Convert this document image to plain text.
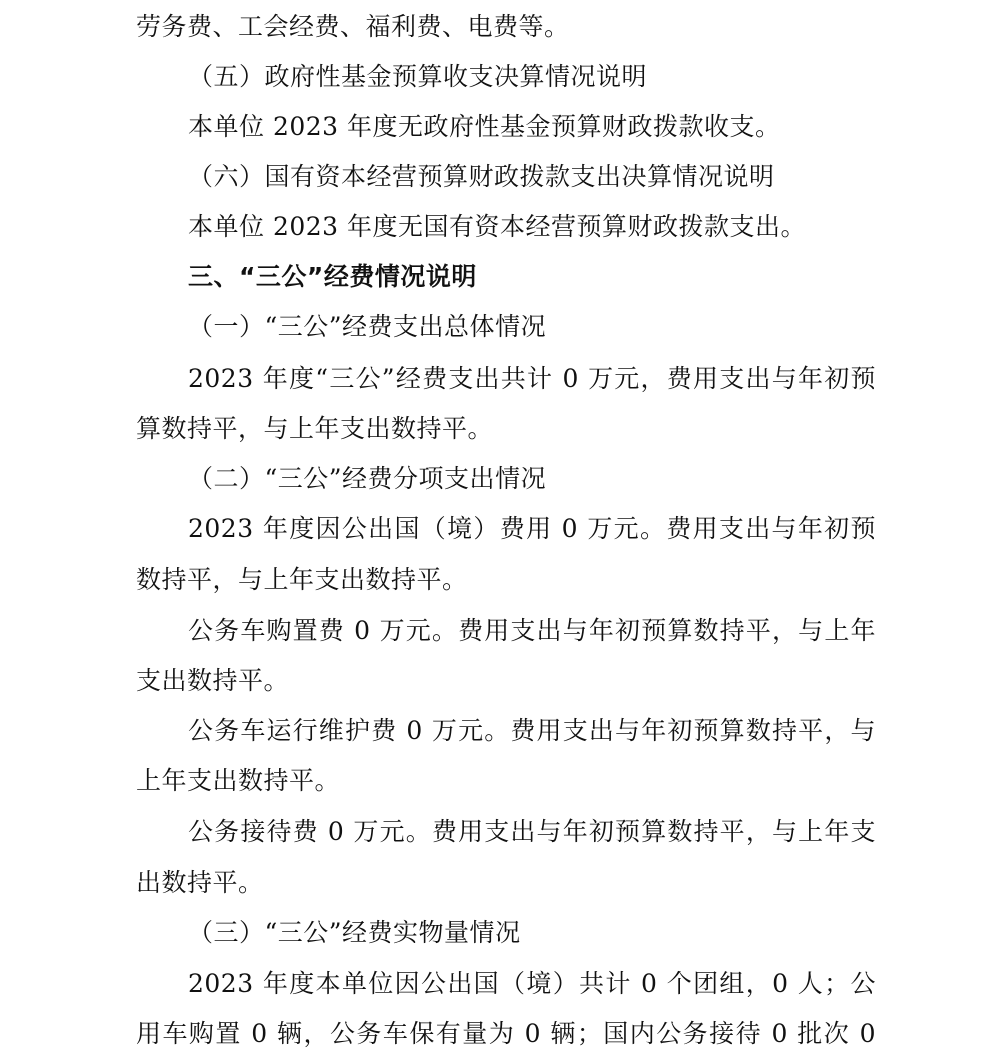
劳务费、工会经费、福利费、电费等。
（五）政府性基金预算收支决算情况说明
本单位 2023 年度无政府性基金预算财政拨款收支。
（六）国有资本经营预算财政拨款支出决算情况说明
本单位 2023 年度无国有资本经营预算财政拨款支出。
三、“三公”经费情况说明
（一）“三公”经费支出总体情况
2023 年度“三公”经费支出共计 0 万元，费用支出与年初预
算数持平，与上年支出数持平。
（二）“三公”经费分项支出情况
2023 年度因公出国（境）费用 0 万元。费用支出与年初预
数持平，与上年支出数持平。
公务车购置费 0 万元。费用支出与年初预算数持平，与上年
支出数持平。
公务车运行维护费 0 万元。费用支出与年初预算数持平，与
上年支出数持平。
公务接待费 0 万元。费用支出与年初预算数持平，与上年支
出数持平。
（三）“三公”经费实物量情况
2023 年度本单位因公出国（境）共计 0 个团组，0 人；公
用车购置 0 辆，公务车保有量为 0 辆；国内公务接待 0 批次 0
